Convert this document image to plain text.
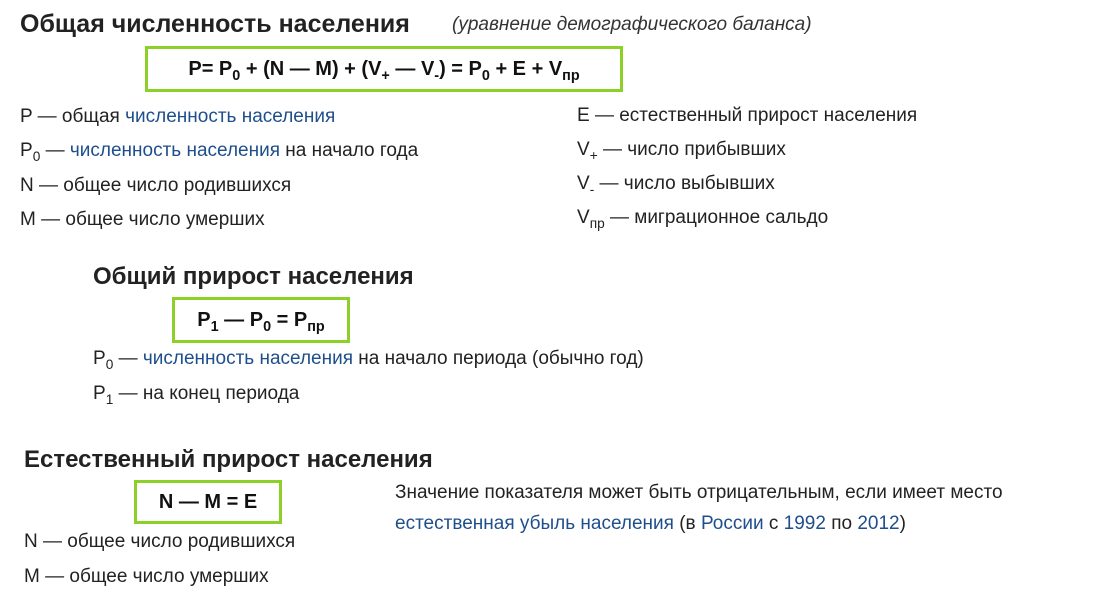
Общая численность населения (уравнение демографического баланса)
$P= P_0 + (N$ — $M) + (V_+$ — $V_-) = P_0 + E + V_{пр}$
P — общая численность населения
$P_0$ — численность населения на начало года
N — общее число родившихся
M — общее число умерших
E — естественный прирост населения
$V_+$ — число прибывших
$V_-$ — число выбывших
$V_{пр}$ — миграционное сальдо
Общий прирост населения
$P_1$ — $P_0 = P_{пр}$
$P_0$ — численность населения на начало периода (обычно год)
$P_1$ — на конец периода
Естественный прирост населения
N — M = E
N — общее число родившихся
M — общее число умерших
Значение показателя может быть отрицательным, если имеет место
естественная убыль населения (в России с 1992 по 2012)
